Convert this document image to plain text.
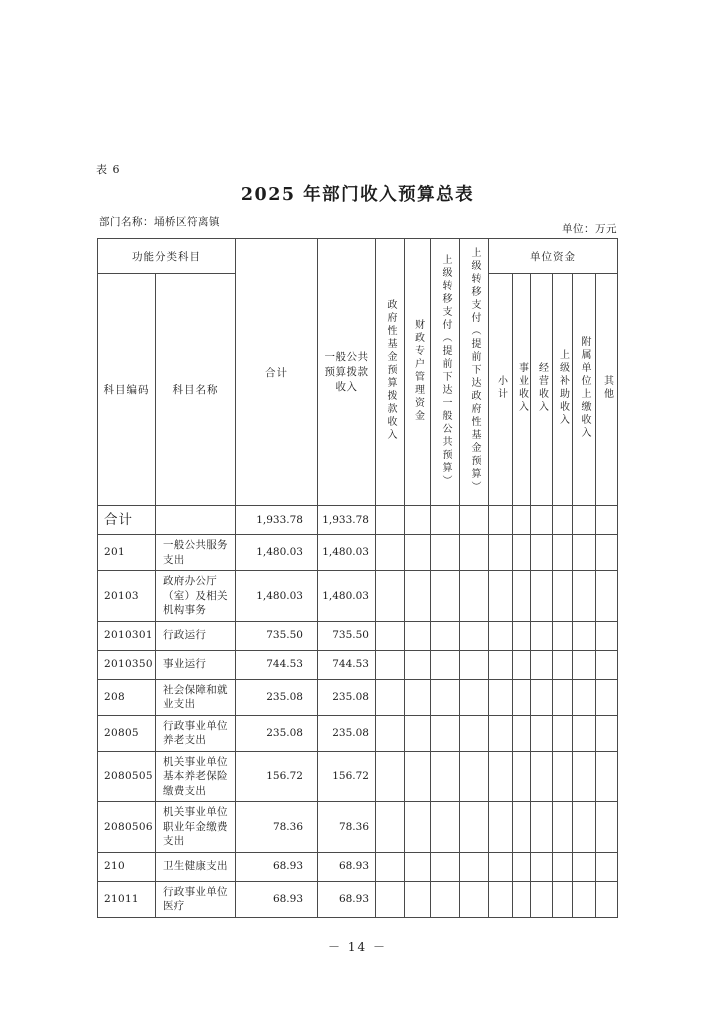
表 6
2025 年部门收入预算总表
部门名称：埇桥区符离镇
单位：万元
功能分类科目		合计	一般公共预算拨款收入	政府性基金预算拨款收入	财政专户管理资金	上级转移支付（提前下达一般公共预算）	上级转移支付（提前下达政府性基金预算）	单位资金					
科目编码	科目名称							小计	事业收入	经营收入	上级补助收入	附属单位上缴收入	其他
合计		1,933.78	1,933.78										
201	一般公共服务支出	1,480.03	1,480.03										
20103	政府办公厅（室）及相关机构事务	1,480.03	1,480.03										
2010301	行政运行	735.50	735.50										
2010350	事业运行	744.53	744.53										
208	社会保障和就业支出	235.08	235.08										
20805	行政事业单位养老支出	235.08	235.08										
2080505	机关事业单位基本养老保险缴费支出	156.72	156.72										
2080506	机关事业单位职业年金缴费支出	78.36	78.36										
210	卫生健康支出	68.93	68.93										
21011	行政事业单位医疗	68.93	68.93										
－ 14 －
